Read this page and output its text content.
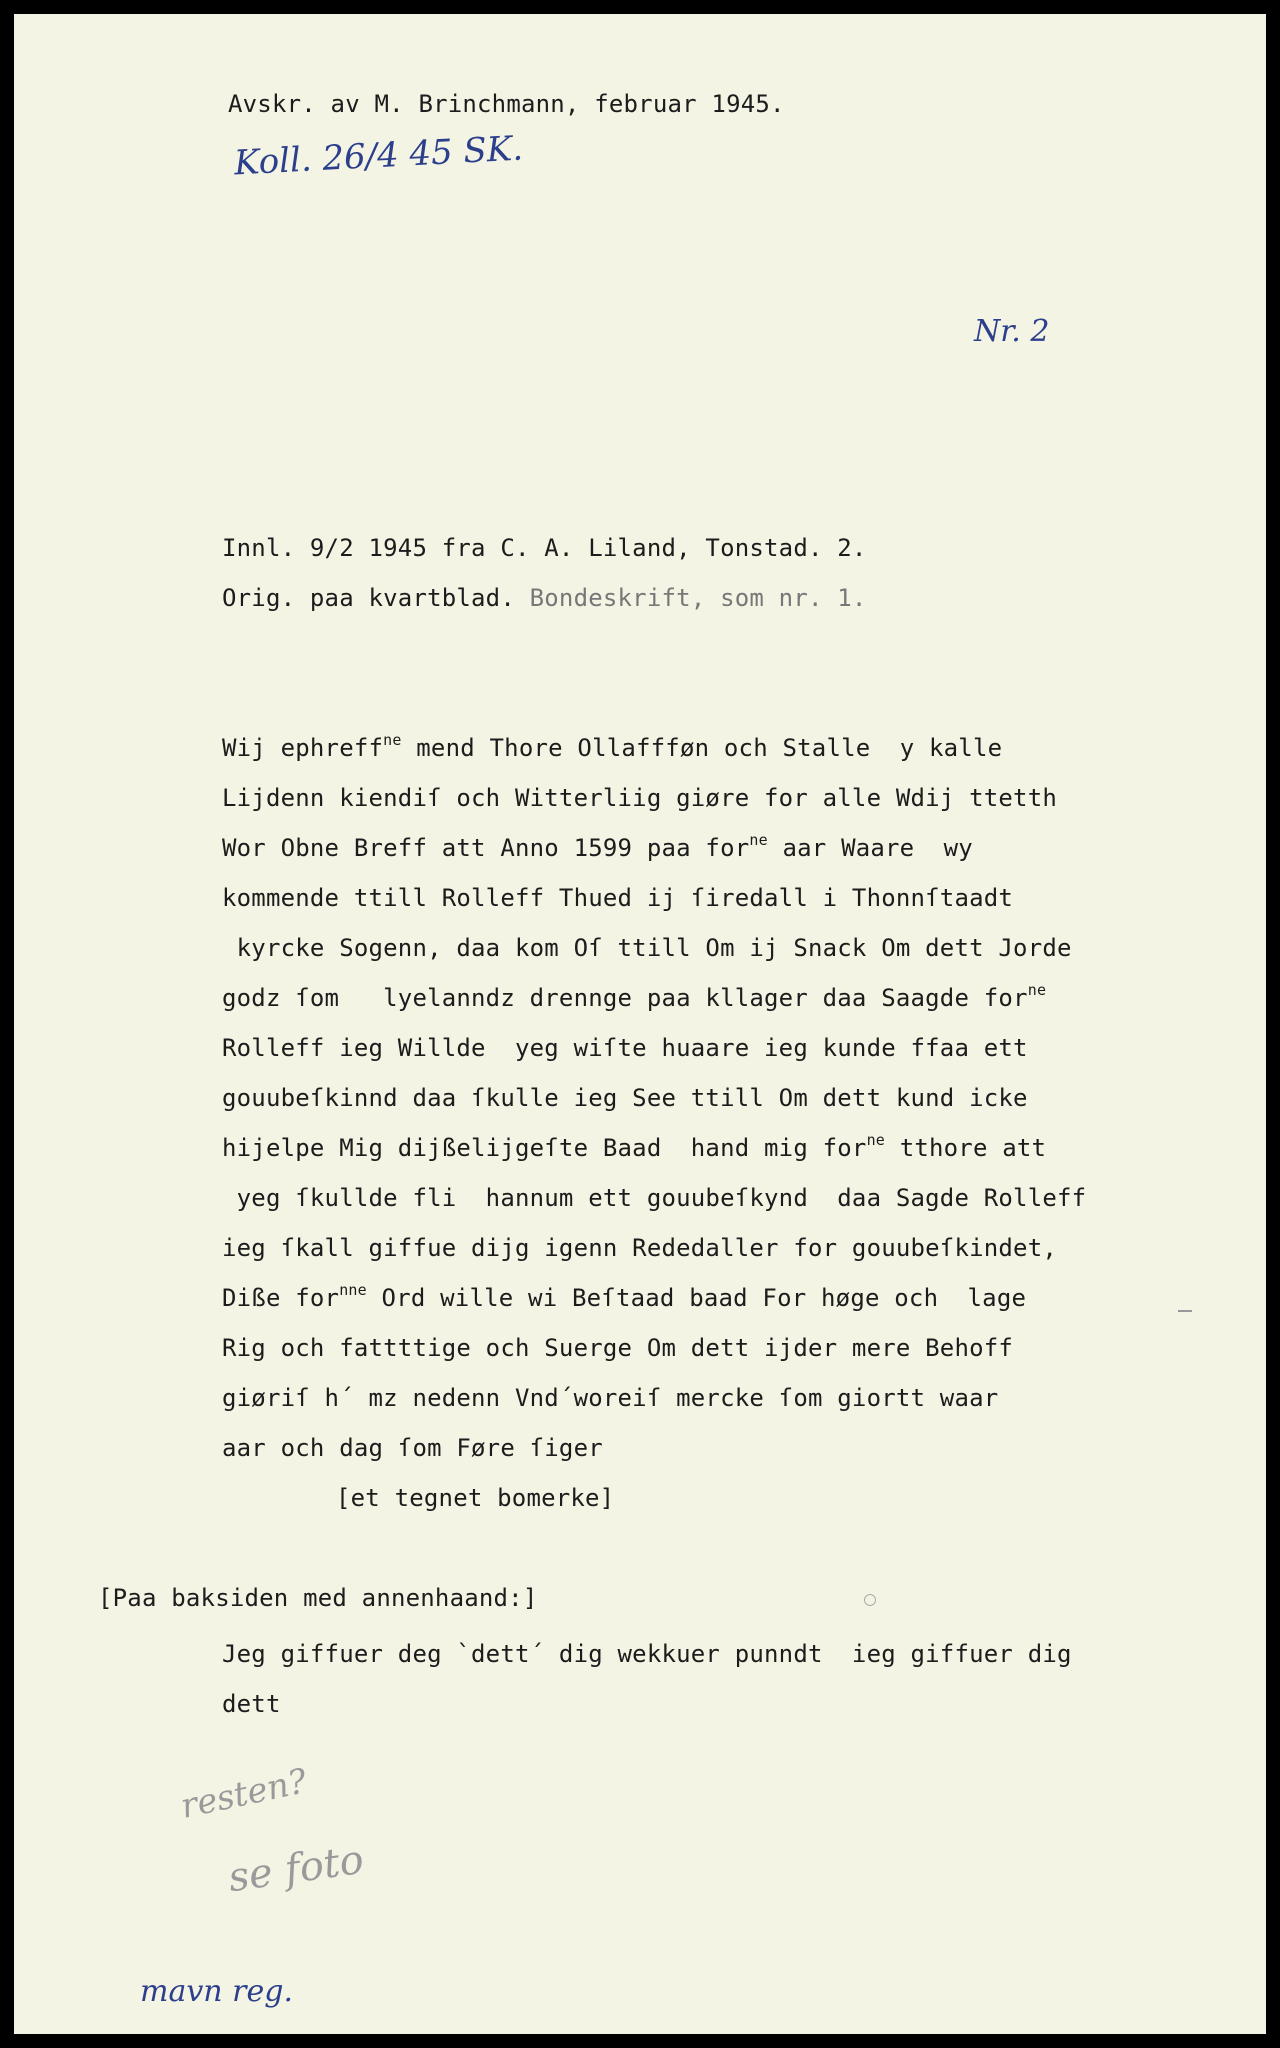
Avskr. av M. Brinchmann, februar 1945.
Koll. 26/4 45 SK.
Nr. 2
Innl. 9/2 1945 fra C. A. Liland, Tonstad. 2.
Orig. paa kvartblad. Bondeskrift, som nr. 1.
Wij ephreff$^{ne}$ mend Thore Ollaffføn och Stalle  y kalle
Lijdenn kiendiſ och Witterliig giøre for alle Wdij ttetth
Wor Obne Breff att Anno 1599 paa for$^{ne}$ aar Waare  wy
kommende ttill Rolleff Thued ij ſiredall i Thonnſtaadt
kyrcke Sogenn, daa kom Oſ ttill Om ij Snack Om dett Jorde
godz ſom   lyelanndz drennge paa kllager daa Saagde for$^{ne}$
Rolleff ieg Willde  yeg wiſte huaare ieg kunde ffaa ett
gouubeſkinnd daa ſkulle ieg See ttill Om dett kund icke
hijelpe Mig dijßelijgeſte Baad  hand mig for$^{ne}$ tthore att
yeg ſkullde fli  hannum ett gouubeſkynd  daa Sagde Rolleff
ieg ſkall giffue dijg igenn Rededaller for gouubeſkindet,
Dißе for$^{nne}$ Ord wille wi Beſtaad baad For høge och  lage
Rig och fattttige och Suerge Om dett ijder mere Behoff
giøriſ h´ mz nedenn Vnd´woreiſ mercke ſom giortt waar
aar och dag ſom Føre ſiger
[et tegnet bomerke]
[Paa baksiden med annenhaand:]
Jeg giffuer deg `dett´ dig wekkuer punndt  ieg giffuer dig
dett
resten?
se foto
mavn reg.
